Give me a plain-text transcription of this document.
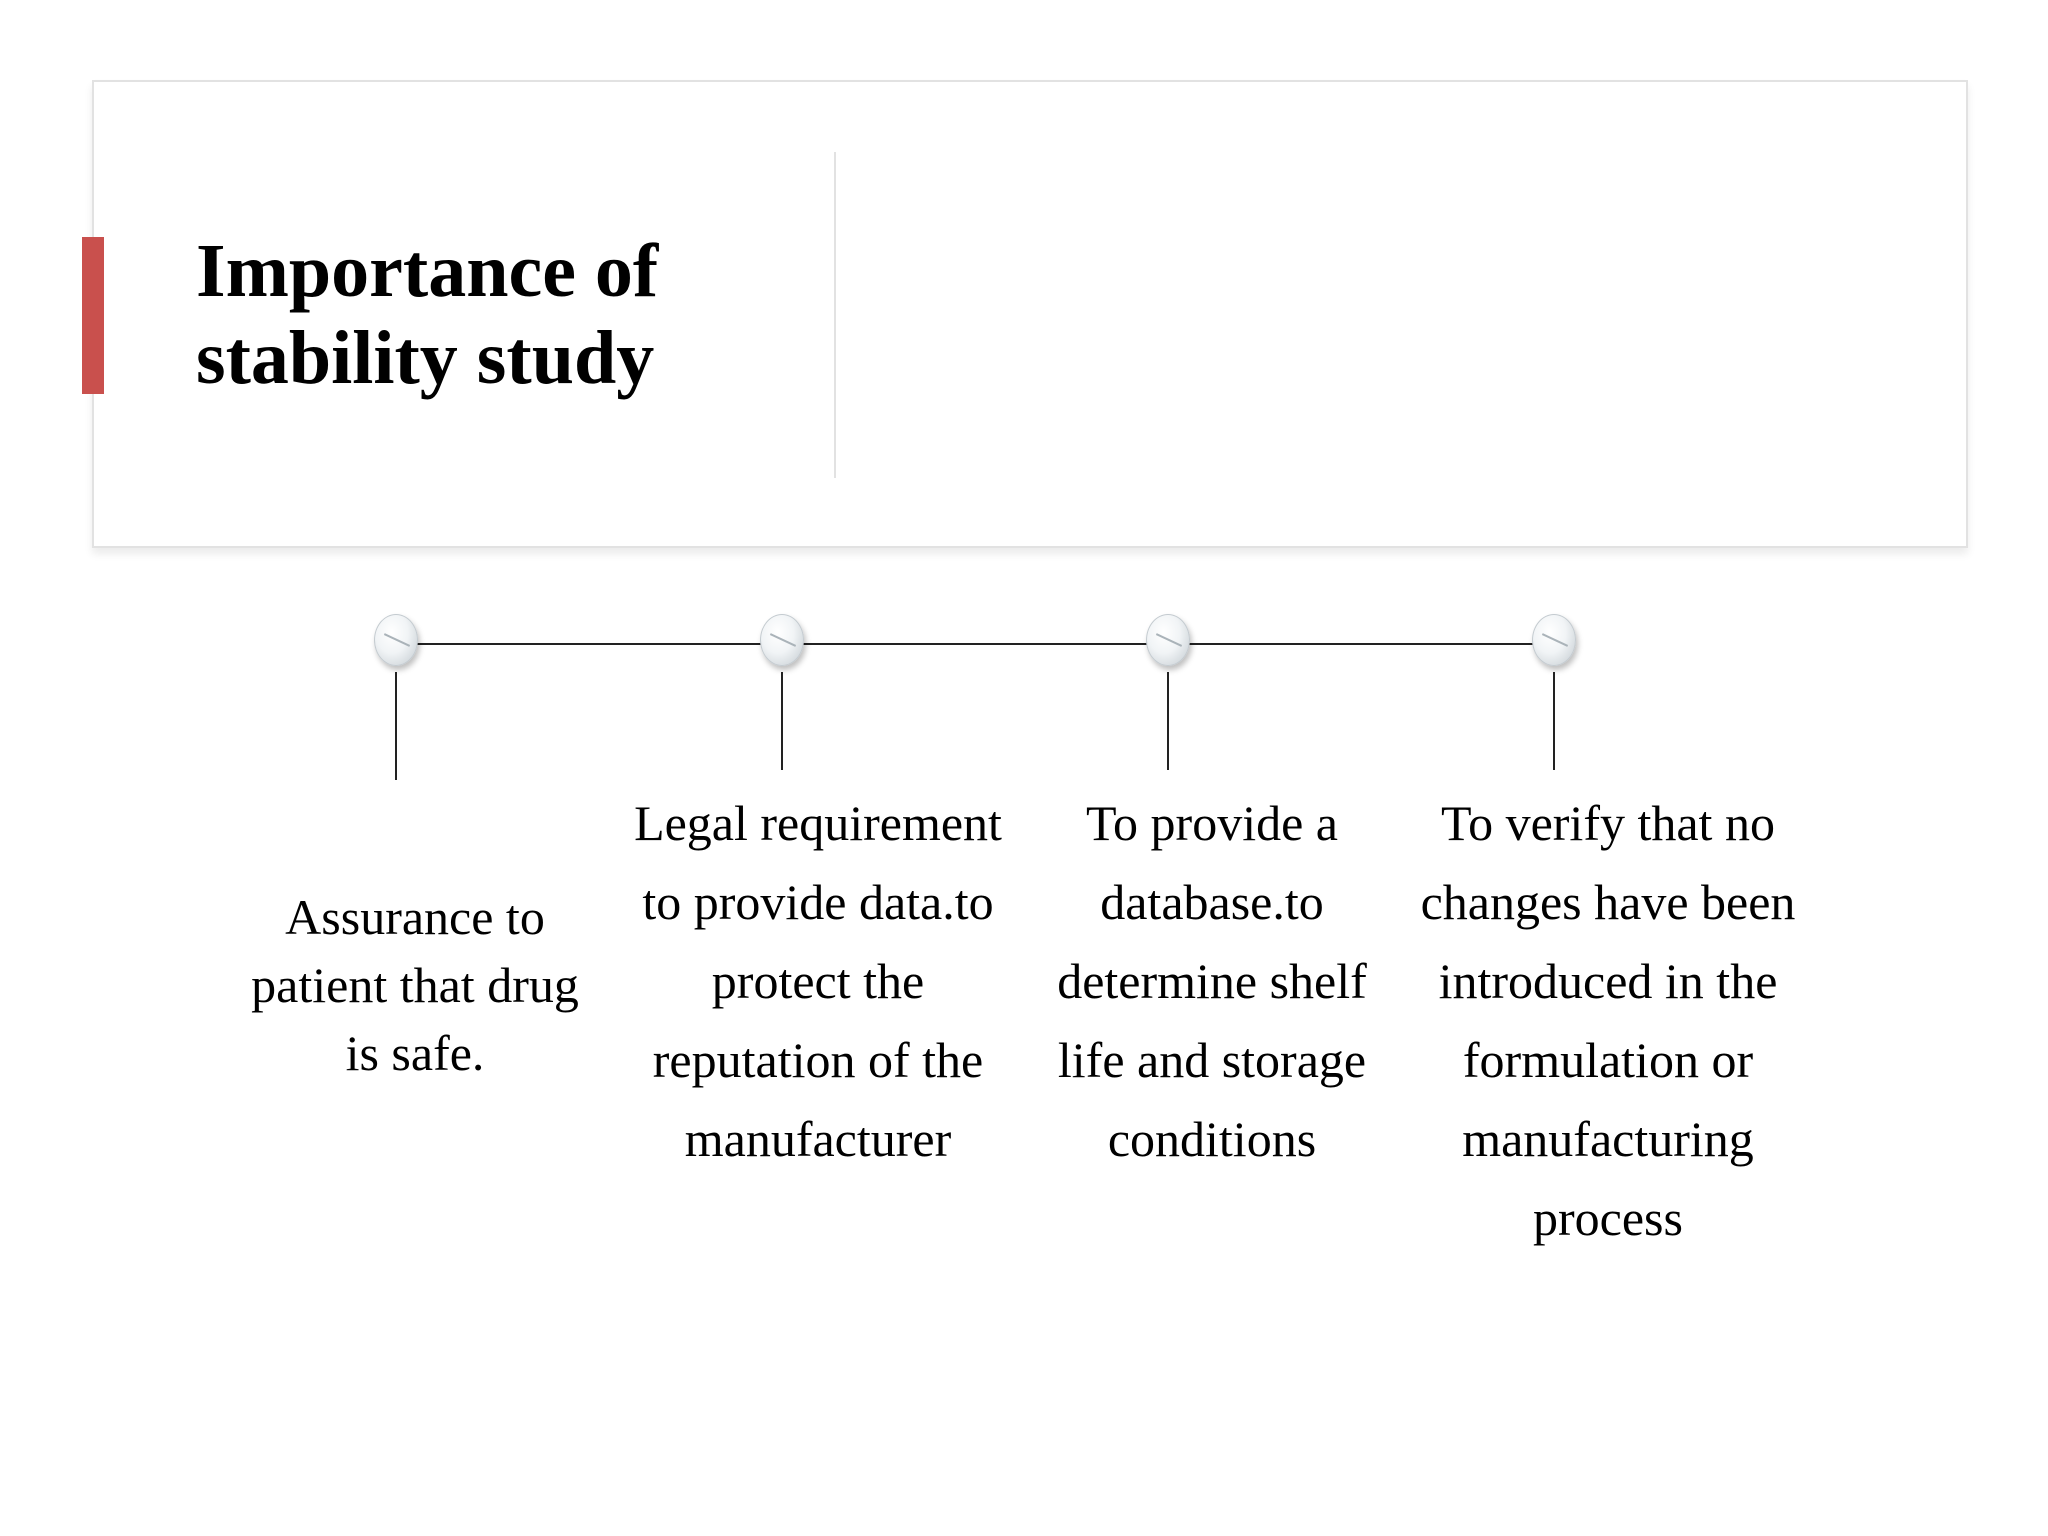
Importance of stability study

Assurance to patient that drug is safe.

Legal requirement to provide data.to protect the reputation of the manufacturer

To provide a database.to determine shelf life and storage conditions

To verify that no changes have been introduced in the formulation or manufacturing process
